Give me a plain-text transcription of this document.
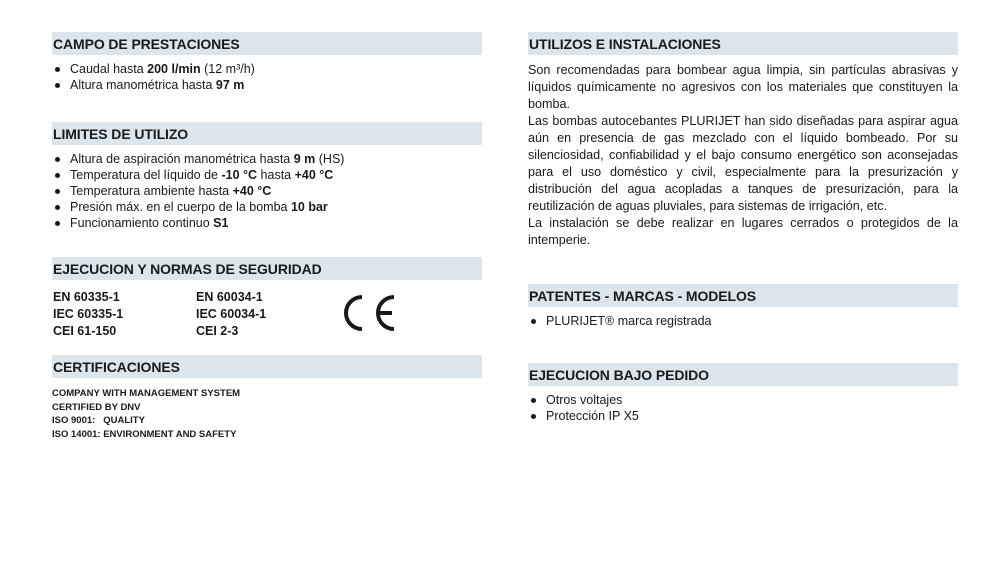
CAMPO DE PRESTACIONES
Caudal hasta 200 l/min (12 m³/h)
Altura manométrica hasta 97 m
LIMITES DE UTILIZO
Altura de aspiración manométrica hasta 9 m (HS)
Temperatura del líquido de -10 °C hasta +40 °C
Temperatura ambiente hasta +40 °C
Presión máx. en el cuerpo de la bomba 10 bar
Funcionamiento continuo S1
EJECUCION Y NORMAS DE SEGURIDAD
EN 60335-1
IEC 60335-1
CEI 61-150
EN 60034-1
IEC 60034-1
CEI 2-3
CERTIFICACIONES
COMPANY WITH MANAGEMENT SYSTEM
CERTIFIED BY DNV
ISO 9001:   QUALITY
ISO 14001: ENVIRONMENT AND SAFETY
UTILIZOS E INSTALACIONES

Son recomendadas para bombear agua limpia, sin partículas abrasivas y líquidos químicamente no agresivos con los materiales que constituyen la bomba.

Las bombas autocebantes PLURIJET han sido diseñadas para aspirar agua aún en presencia de gas mezclado con el líquido bombeado. Por su silenciosidad, confiabilidad y el bajo consumo energético son aconsejadas para el uso doméstico y civil, especialmente para la presurización y distribución del agua acopladas a tanques de presurización, para la reutilización de aguas pluviales, para sistemas de irrigación, etc.

La instalación se debe realizar en lugares cerrados o protegidos de la intemperie.

PATENTES - MARCAS - MODELOS
PLURIJET® marca registrada
EJECUCION BAJO PEDIDO
Otros voltajes
Protección IP X5
